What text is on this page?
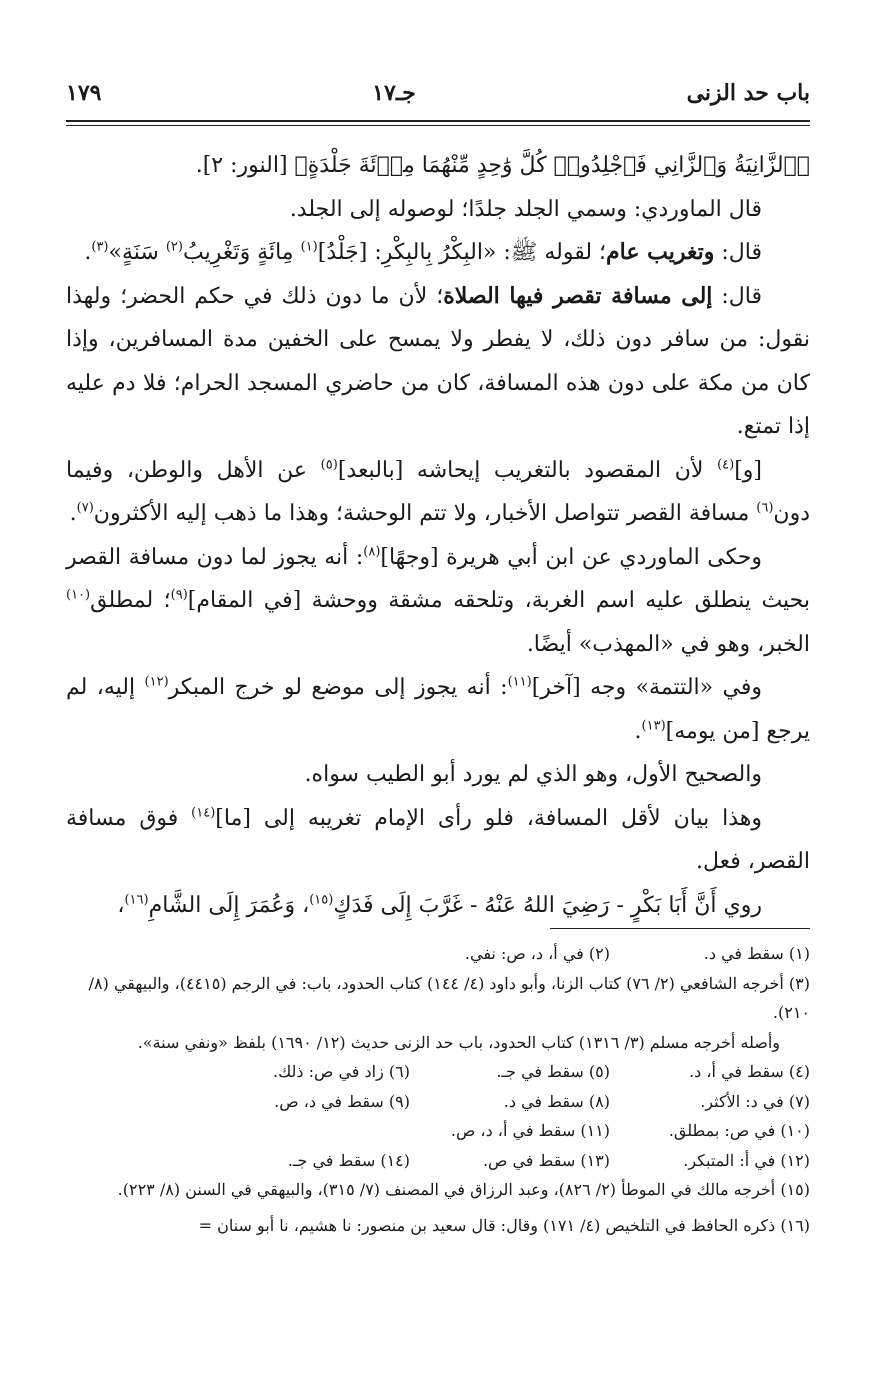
باب حد الزنى
جـ١٧
١٧٩

﴿ٱلزَّانِيَةُ وَٱلزَّانِي فَٱجْلِدُوا۟ كُلَّ وَٰحِدٍ مِّنْهُمَا مِا۟ئَةَ جَلْدَةٍ﴾ [النور: ٢].

قال الماوردي: وسمي الجلد جلدًا؛ لوصوله إلى الجلد.

قال: وتغريب عام؛ لقوله ﷺ: «البِكْرُ بِالبِكْرِ: [جَلْدُ]$^{(١)}$ مِائَةٍ وَتَغْرِيبُ$^{(٢)}$ سَنَةٍ»$^{(٣)}$.

قال: إلى مسافة تقصر فيها الصلاة؛ لأن ما دون ذلك في حكم الحضر؛ ولهذا نقول: من سافر دون ذلك، لا يفطر ولا يمسح على الخفين مدة المسافرين، وإذا كان من مكة على دون هذه المسافة، كان من حاضري المسجد الحرام؛ فلا دم عليه إذا تمتع.

[و]$^{(٤)}$ لأن المقصود بالتغريب إيحاشه [بالبعد]$^{(٥)}$ عن الأهل والوطن، وفيما دون$^{(٦)}$ مسافة القصر تتواصل الأخبار، ولا تتم الوحشة؛ وهذا ما ذهب إليه الأكثرون$^{(٧)}$.

وحكى الماوردي عن ابن أبي هريرة [وجهًا]$^{(٨)}$: أنه يجوز لما دون مسافة القصر بحيث ينطلق عليه اسم الغربة، وتلحقه مشقة ووحشة [في المقام]$^{(٩)}$؛ لمطلق$^{(١٠)}$ الخبر، وهو في «المهذب» أيضًا.

وفي «التتمة» وجه [آخر]$^{(١١)}$: أنه يجوز إلى موضع لو خرج المبكر$^{(١٢)}$ إليه، لم يرجع [من يومه]$^{(١٣)}$.

والصحيح الأول، وهو الذي لم يورد أبو الطيب سواه.

وهذا بيان لأقل المسافة، فلو رأى الإمام تغريبه إلى [ما]$^{(١٤)}$ فوق مسافة القصر، فعل.

روي أَنَّ أَبَا بَكْرٍ - رَضِيَ اللهُ عَنْهُ - غَرَّبَ إِلَى فَدَكٍ$^{(١٥)}$، وَعُمَرَ إِلَى الشَّامِ$^{(١٦)}$،

(١) سقط في د.
(٢) في أ، د، ص: نفي.

(٣) أخرجه الشافعي (٢/ ٧٦) كتاب الزنا، وأبو داود (٤/ ١٤٤) كتاب الحدود، باب: في الرجم (٤٤١٥)، والبيهقي (٨/ ٢١٠).

وأصله أخرجه مسلم (٣/ ١٣١٦) كتاب الحدود، باب حد الزنى حديث (١٢/ ١٦٩٠) بلفظ «ونفي سنة».

(٤) سقط في أ، د.
(٥) سقط في جـ.
(٦) زاد في ص: ذلك.
(٧) في د: الأكثر.
(٨) سقط في د.
(٩) سقط في د، ص.
(١٠) في ص: بمطلق.
(١١) سقط في أ، د، ص.
(١٢) في أ: المتبكر.
(١٣) سقط في ص.
(١٤) سقط في جـ.

(١٥) أخرجه مالك في الموطأ (٢/ ٨٢٦)، وعبد الرزاق في المصنف (٧/ ٣١٥)، والبيهقي في السنن (٨/ ٢٢٣).

(١٦) ذكره الحافظ في التلخيص (٤/ ١٧١) وقال: قال سعيد بن منصور: نا هشيم، نا أبو سنان =
